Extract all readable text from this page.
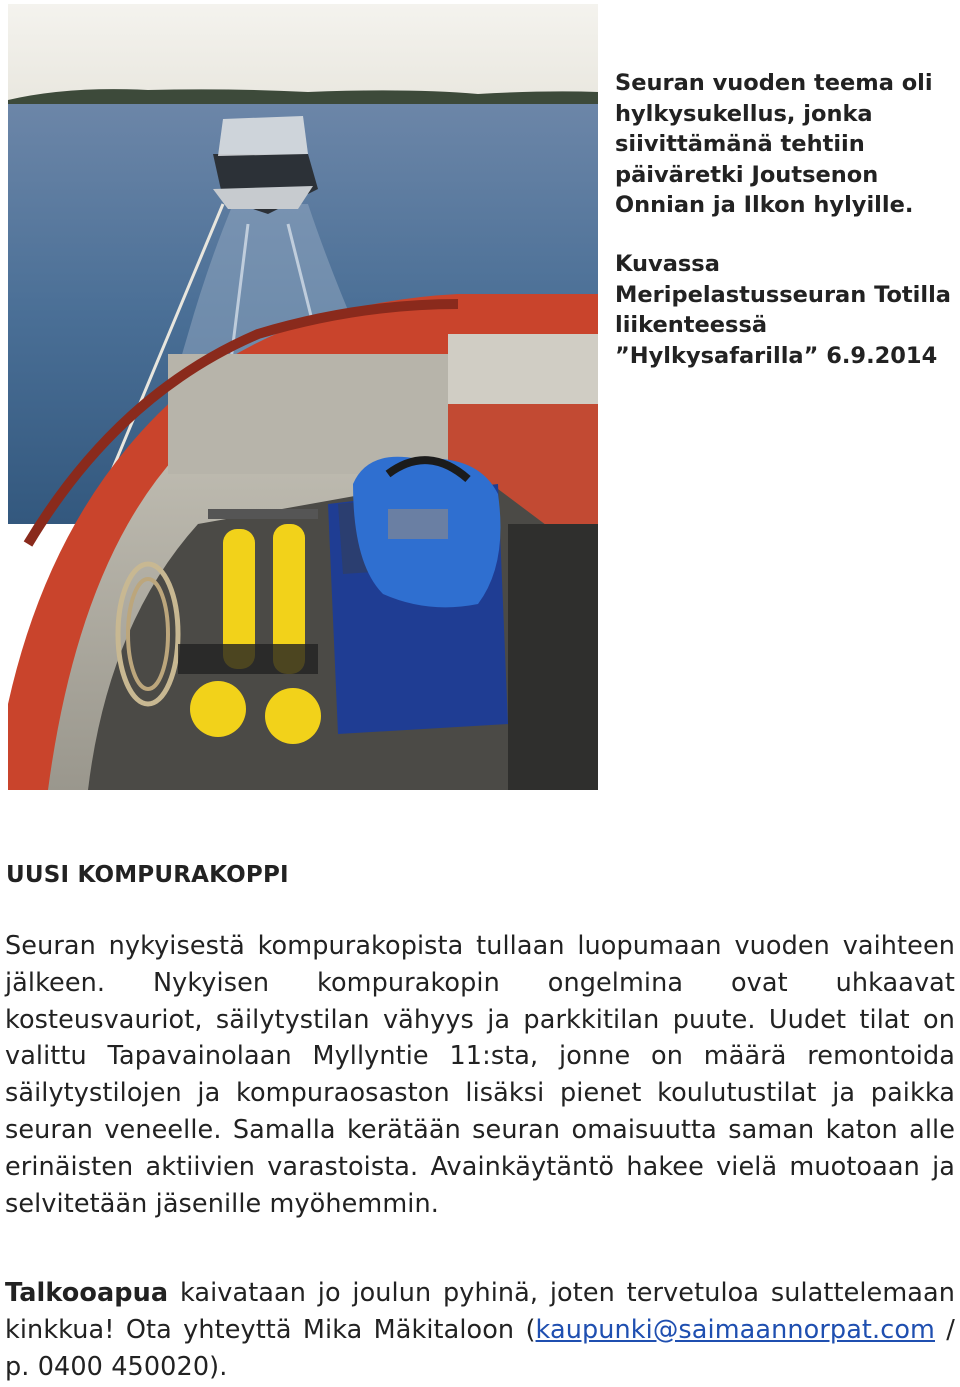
Seuran vuoden teema oli hylkysukellus, jonka siivittämänä tehtiin päiväretki Joutsenon Onnian ja Ilkon hylyille.

Kuvassa Meripelastusseuran Totilla liikenteessä ”Hylkysafarilla” 6.9.2014

UUSI KOMPURAKOPPI
Seuran nykyisestä kompurakopista tullaan luopumaan vuoden vaihteen jälkeen. Nykyisen kompurakopin ongelmina ovat uhkaavat kosteusvauriot, säilytystilan vähyys ja parkkitilan puute. Uudet tilat on valittu Tapavainolaan Myllyntie 11:sta, jonne on määrä remontoida säilytystilojen ja kompuraosaston lisäksi pienet koulutustilat ja paikka seuran veneelle. Samalla kerätään seuran omaisuutta saman katon alle erinäisten aktiivien varastoista. Avainkäytäntö hakee vielä muotoaan ja selvitetään jäsenille myöhemmin.
Talkooapua kaivataan jo joulun pyhinä, joten tervetuloa sulattelemaan kinkkua! Ota yhteyttä Mika Mäkitaloon (kaupunki@saimaannorpat.com / p. 0400 450020).
